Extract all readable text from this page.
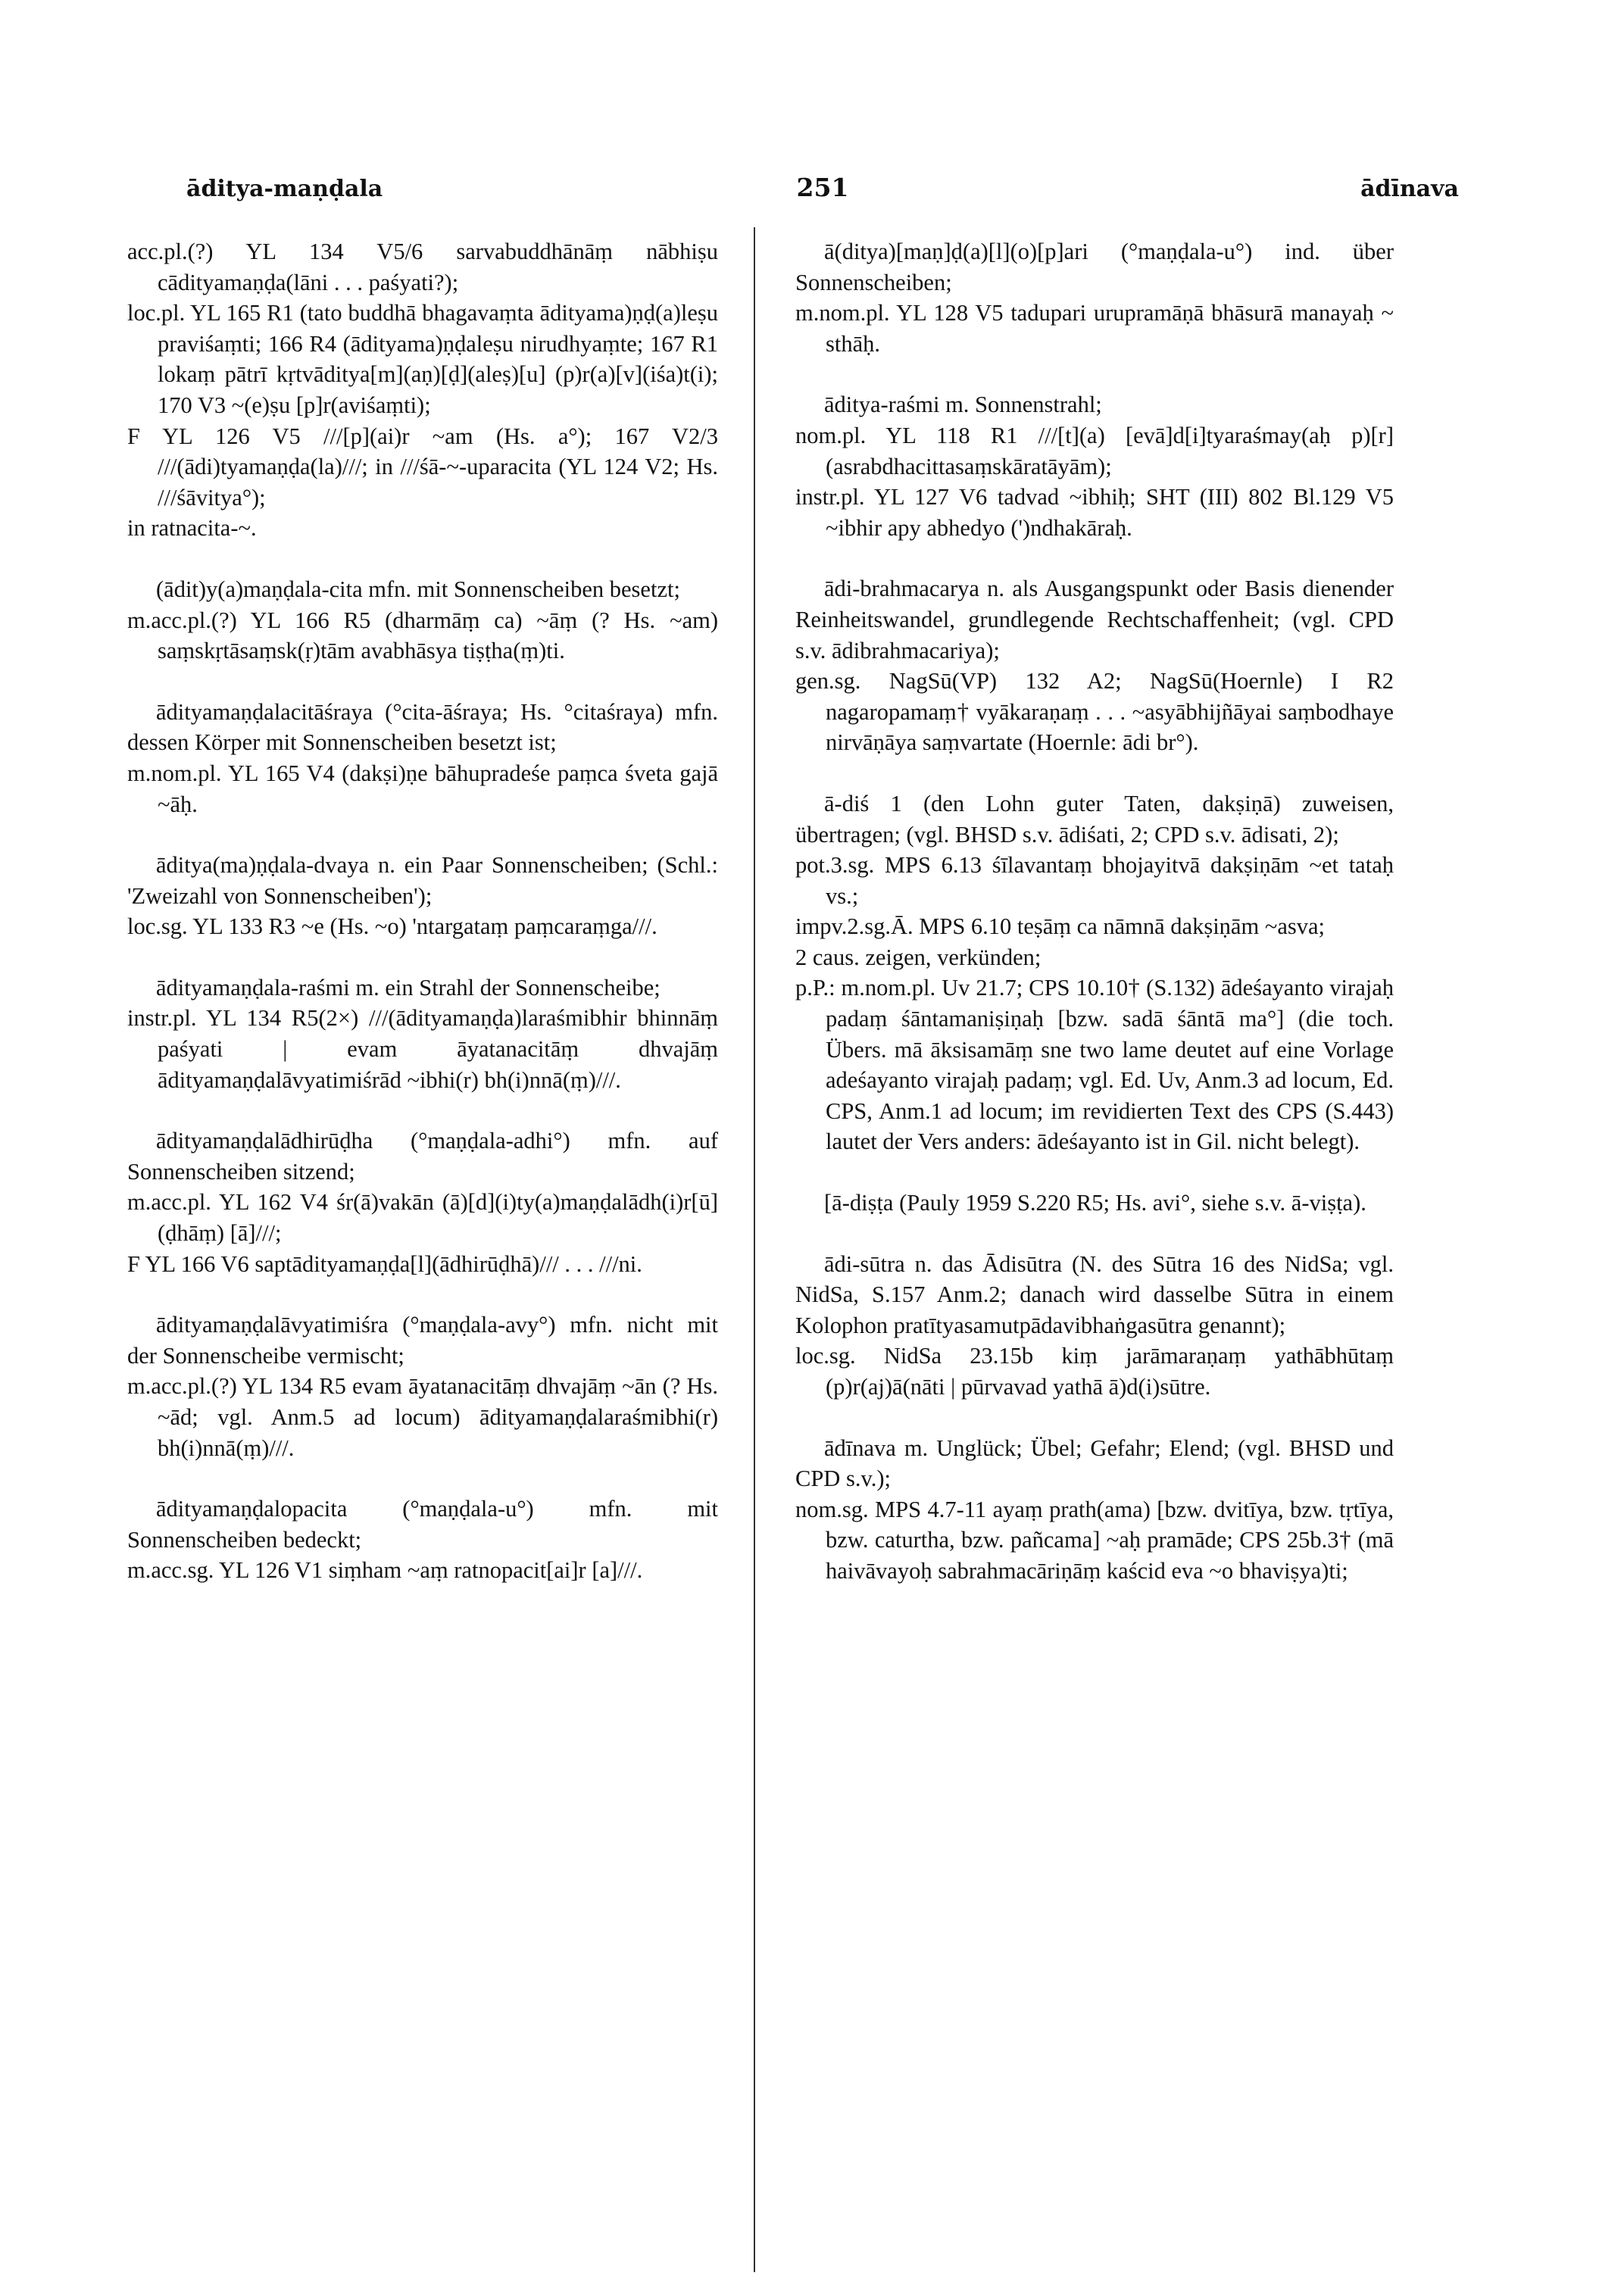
āditya-maṇḍala	251	ādīnava

acc.pl.(?) YL 134 V5/6 sarvabuddhānāṃ nābhiṣu cādityamaṇḍa(lāni . . . paśyati?);

loc.pl. YL 165 R1 (tato buddhā bhagavaṃta ādityama)ṇḍ(a)leṣu praviśaṃti; 166 R4 (ādityama)ṇḍaleṣu nirudhyaṃte; 167 R1 lokaṃ pātrī kṛtvāditya[m](aṇ)[ḍ](aleṣ)[u] (p)r(a)[v](iśa)t(i); 170 V3 ~(e)ṣu [p]r(aviśaṃti);

F YL 126 V5 ///[p](ai)r ~am (Hs. a°); 167 V2/3 ///(ādi)tyamaṇḍa(la)///; in ///śā-~-uparacita (YL 124 V2; Hs. ///śāvitya°);

in ratnacita-~.

(ādit)y(a)maṇḍala-cita mfn. mit Sonnenscheiben besetzt;

m.acc.pl.(?) YL 166 R5 (dharmāṃ ca) ~āṃ (? Hs. ~am) saṃskṛtāsaṃsk(ṛ)tām avabhāsya tiṣṭha(ṃ)ti.

ādityamaṇḍalacitāśraya (°cita-āśraya; Hs. °citaśraya) mfn. dessen Körper mit Sonnenscheiben besetzt ist;

m.nom.pl. YL 165 V4 (dakṣi)ṇe bāhupradeśe paṃca śveta gajā ~āḥ.

āditya(ma)ṇḍala-dvaya n. ein Paar Sonnenscheiben; (Schl.: 'Zweizahl von Sonnenscheiben');

loc.sg. YL 133 R3 ~e (Hs. ~o) 'ntargataṃ paṃcaraṃga///.

ādityamaṇḍala-raśmi m. ein Strahl der Sonnenscheibe;

instr.pl. YL 134 R5(2×) ///(ādityamaṇḍa)laraśmibhir bhinnāṃ paśyati | evam āyatanacitāṃ dhvajāṃ ādityamaṇḍalāvyatimiśrād ~ibhi(r) bh(i)nnā(ṃ)///.

ādityamaṇḍalādhirūḍha (°maṇḍala-adhi°) mfn. auf Sonnenscheiben sitzend;

m.acc.pl. YL 162 V4 śr(ā)vakān (ā)[d](i)ty(a)maṇḍalādh(i)r[ū](ḍhāṃ) [ā]///;

F YL 166 V6 saptādityamaṇḍa[l](ādhirūḍhā)/// . . . ///ni.

ādityamaṇḍalāvyatimiśra (°maṇḍala-avy°) mfn. nicht mit der Sonnenscheibe vermischt;

m.acc.pl.(?) YL 134 R5 evam āyatanacitāṃ dhvajāṃ ~ān (? Hs. ~ād; vgl. Anm.5 ad locum) ādityamaṇḍalaraśmibhi(r) bh(i)nnā(ṃ)///.

ādityamaṇḍalopacita (°maṇḍala-u°) mfn. mit Sonnenscheiben bedeckt;

m.acc.sg. YL 126 V1 siṃham ~aṃ ratnopacit[ai]r [a]///.

ā(ditya)[maṇ]ḍ(a)[l](o)[p]ari (°maṇḍala-u°) ind. über Sonnenscheiben;

m.nom.pl. YL 128 V5 tadupari urupramāṇā bhāsurā manayaḥ ~ sthāḥ.

āditya-raśmi m. Sonnenstrahl;

nom.pl. YL 118 R1 ///[t](a) [evā]d[i]tyaraśmay(aḥ p)[r](asrabdhacittasaṃskāratāyām);

instr.pl. YL 127 V6 tadvad ~ibhiḥ; SHT (III) 802 Bl.129 V5 ~ibhir apy abhedyo (')ndhakāraḥ.

ādi-brahmacarya n. als Ausgangspunkt oder Basis dienender Reinheitswandel, grundlegende Rechtschaffenheit; (vgl. CPD s.v. ādibrahmacariya);

gen.sg. NagSū(VP) 132 A2; NagSū(Hoernle) I R2 nagaropamaṃ† vyākaraṇaṃ . . . ~asyābhijñāyai saṃbodhaye nirvāṇāya saṃvartate (Hoernle: ādi br°).

ā-diś 1 (den Lohn guter Taten, dakṣiṇā) zuweisen, übertragen; (vgl. BHSD s.v. ādiśati, 2; CPD s.v. ādisati, 2);

pot.3.sg. MPS 6.13 śīlavantaṃ bhojayitvā dakṣiṇām ~et tataḥ vs.;

impv.2.sg.Ā. MPS 6.10 teṣāṃ ca nāmnā dakṣiṇām ~asva;

2 caus. zeigen, verkünden;

p.P.: m.nom.pl. Uv 21.7; CPS 10.10† (S.132) ādeśayanto virajaḥ padaṃ śāntamaniṣiṇaḥ [bzw. sadā śāntā ma°] (die toch. Übers. mā āksisamāṃ sne two lame deutet auf eine Vorlage adeśayanto virajaḥ padaṃ; vgl. Ed. Uv, Anm.3 ad locum, Ed. CPS, Anm.1 ad locum; im revidierten Text des CPS (S.443) lautet der Vers anders: ādeśayanto ist in Gil. nicht belegt).

[ā-diṣṭa (Pauly 1959 S.220 R5; Hs. avi°, siehe s.v. ā-viṣṭa).

ādi-sūtra n. das Ādisūtra (N. des Sūtra 16 des NidSa; vgl. NidSa, S.157 Anm.2; danach wird dasselbe Sūtra in einem Kolophon pratītyasamutpādavibhaṅgasūtra genannt);

loc.sg. NidSa 23.15b kiṃ jarāmaraṇaṃ yathābhūtaṃ (p)r(aj)ā(nāti | pūrvavad yathā ā)d(i)sūtre.

ādīnava m. Unglück; Übel; Gefahr; Elend; (vgl. BHSD und CPD s.v.);

nom.sg. MPS 4.7-11 ayaṃ prath(ama) [bzw. dvitīya, bzw. tṛtīya, bzw. caturtha, bzw. pañcama] ~aḥ pramāde; CPS 25b.3† (mā haivāvayoḥ sabrahmacāriṇāṃ kaścid eva ~o bhaviṣya)ti;
